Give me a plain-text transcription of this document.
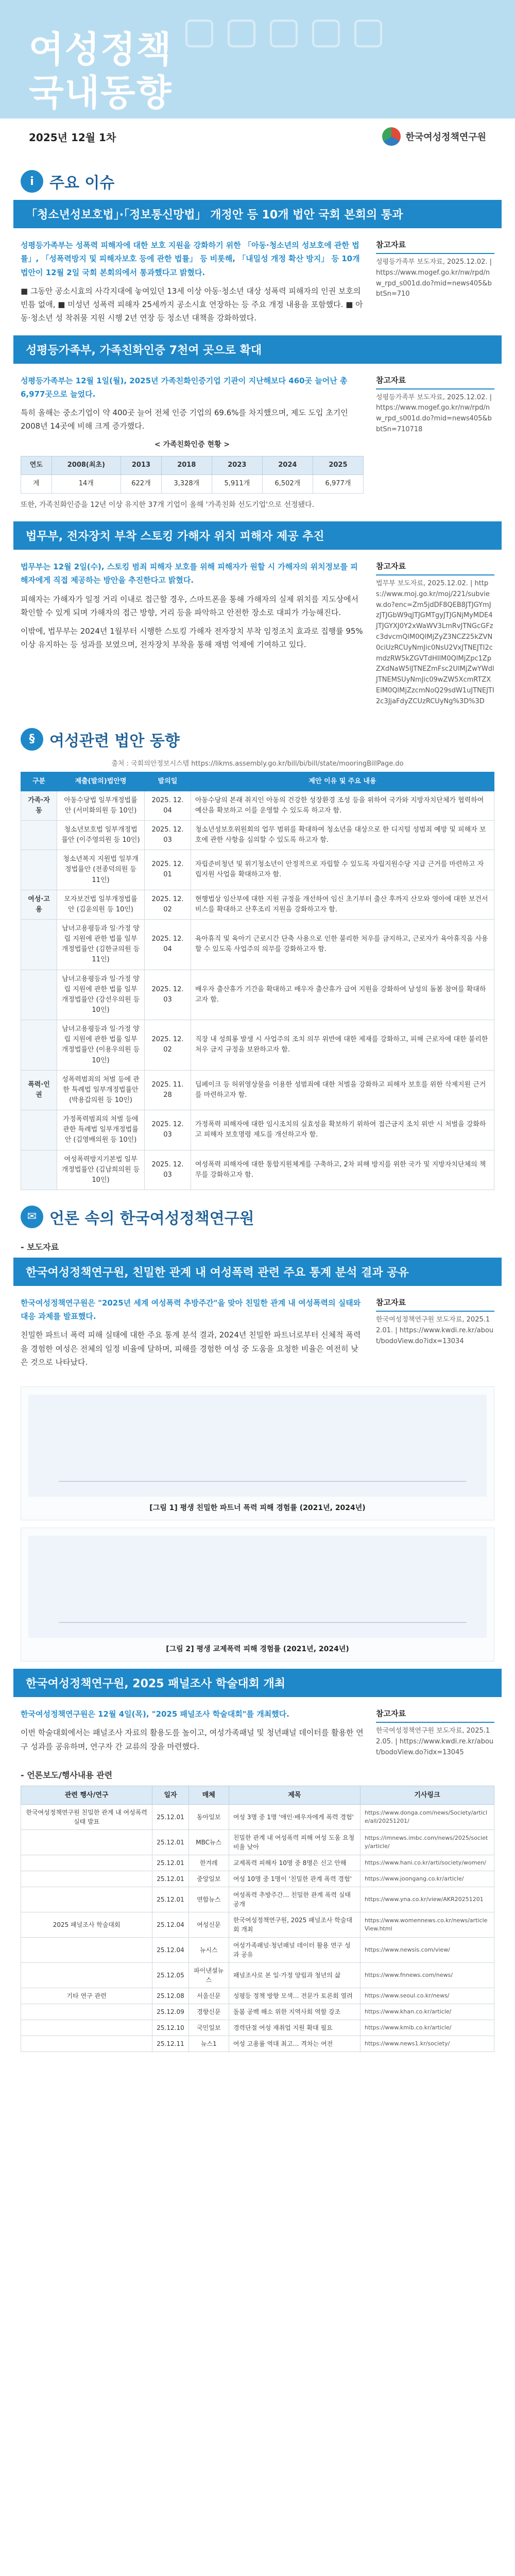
여성정책
국내동향
2025년 12월 1차	한국여성정책연구원
i	주요 이슈
「청소년성보호법」·「정보통신망법」 개정안 등 10개 법안 국회 본회의 통과

성평등가족부는 성폭력 피해자에 대한 보호 지원을 강화하기 위한 「아동·청소년의 성보호에 관한 법률」, 「성폭력방지 및 피해자보호 등에 관한 법률」 등 비롯해, 「내밀성 개정 확산 방지」 등 10개 법안이 12월 2일 국회 본회의에서 통과했다고 밝혔다.

■ 그동안 공소시효의 사각지대에 놓여있던 13세 이상 아동·청소년 대상 성폭력 피해자의 인권 보호의 빈틈 없애, ■ 미성년 성폭력 피해자 25세까지 공소시효 연장하는 등 주요 개정 내용을 포함했다. ■ 아동·청소년 성 착취물 지원 시행 2년 연장 등 청소년 대책을 강화하였다.

참고자료
성평등가족부 보도자료, 2025.12.02. | https://www.mogef.go.kr/nw/rpd/nw_rpd_s001d.do?mid=news405&bbtSn=710
성평등가족부, 가족친화인증 7천여 곳으로 확대

성평등가족부는 12월 1일(월), 2025년 가족친화인증기업 기관이 지난해보다 460곳 늘어난 총 6,977곳으로 늘었다.

특히 올해는 중소기업이 약 400곳 늘어 전체 인증 기업의 69.6%를 차지했으며, 제도 도입 초기인 2008년 14곳에 비해 크게 증가했다.

< 가족친화인증 현황 >
연도	2008(최초)	2013	2018	2023	2024	2025
계	14개	622개	3,328개	5,911개	6,502개	6,977개

또한, 가족친화인증을 12년 이상 유지한 37개 기업이 올해 '가족친화 선도기업'으로 선정됐다.

참고자료
성평등가족부 보도자료, 2025.12.02. | https://www.mogef.go.kr/nw/rpd/nw_rpd_s001d.do?mid=news405&bbtSn=710718
법무부, 전자장치 부착 스토킹 가해자 위치 피해자 제공 추진

법무부는 12월 2일(수), 스토킹 범죄 피해자 보호를 위해 피해자가 원할 시 가해자의 위치정보를 피해자에게 직접 제공하는 방안을 추진한다고 밝혔다.

피해자는 가해자가 일정 거리 이내로 접근할 경우, 스마트폰을 통해 가해자의 실제 위치를 지도상에서 확인할 수 있게 되며 가해자의 접근 방향, 거리 등을 파악하고 안전한 장소로 대피가 가능해진다.

이밖에, 법무부는 2024년 1월부터 시행한 스토킹 가해자 전자장치 부착 임정조치 효과로 집행률 95% 이상 유지하는 등 성과를 보였으며, 전자장치 부착을 통해 재범 억제에 기여하고 있다.

참고자료
법무부 보도자료, 2025.12.02. | https://www.moj.go.kr/moj/221/subview.do?enc=Zm5jdDF8QEB8JTJGYmJzJTJGbW9qJTJGMTgyJTJGNjMyMDE4JTJGYXJ0Y2xWaWV3LmRvJTNGcGFzc3dvcmQlM0QlMjZyZ3NCZ25kZVN0ciUzRCUyNmJic0NsU2VxJTNEJTI2cmdzRW5kZGVTdHIlM0QlMjZpc1ZpZXdNaW5lJTNEZmFsc2UlMjZwYWdlJTNEMSUyNmJic09wZW5XcmRTZXElM0QlMjZzcmNoQ29sdW1uJTNEJTI2c3JjaFdyZCUzRCUyNg%3D%3D
§ 여성관련 법안 동향
출처 : 국회의안정보시스템 https://likms.assembly.go.kr/bill/bi/bill/state/mooringBillPage.do
구분	제출(발의)법안명	발의일	제안 이유 및 주요 내용
가족·자동	아동수당법 일부개정법률안 (서미화의원 등 10인)	2025. 12. 04	아동수당의 본래 취지인 아동의 건강한 성장환경 조성 등을 위하여 국가와 지방자치단체가 협력하여 예산을 확보하고 이를 운영할 수 있도록 하고자 함.
	청소년보호법 일부개정법률안 (이주영의원 등 10인)	2025. 12. 03	청소년성보호위원회의 업무 범위를 확대하여 청소년을 대상으로 한 디지털 성범죄 예방 및 피해자 보호에 관한 사항을 심의할 수 있도록 하고자 함.
	청소년복지 지원법 일부개정법률안 (전종덕의원 등 11인)	2025. 12. 01	자립준비청년 및 위기청소년이 안정적으로 자립할 수 있도록 자립지원수당 지급 근거를 마련하고 자립지원 사업을 확대하고자 함.
여성·고용	모자보건법 일부개정법률안 (김윤의원 등 10인)	2025. 12. 02	현행법상 임산부에 대한 지원 규정을 개선하여 임신 초기부터 출산 후까지 산모와 영아에 대한 보건서비스를 확대하고 산후조리 지원을 강화하고자 함.
	남녀고용평등과 일·가정 양립 지원에 관한 법률 일부개정법률안 (김한규의원 등 11인)	2025. 12. 04	육아휴직 및 육아기 근로시간 단축 사용으로 인한 불리한 처우를 금지하고, 근로자가 육아휴직을 사용할 수 있도록 사업주의 의무를 강화하고자 함.
	남녀고용평등과 일·가정 양립 지원에 관한 법률 일부개정법률안 (강선우의원 등 10인)	2025. 12. 03	배우자 출산휴가 기간을 확대하고 배우자 출산휴가 급여 지원을 강화하여 남성의 돌봄 참여를 확대하고자 함.
	남녀고용평등과 일·가정 양립 지원에 관한 법률 일부개정법률안 (이용우의원 등 10인)	2025. 12. 02	직장 내 성희롱 발생 시 사업주의 조치 의무 위반에 대한 제재를 강화하고, 피해 근로자에 대한 불리한 처우 금지 규정을 보완하고자 함.
폭력·인권	성폭력범죄의 처벌 등에 관한 특례법 일부개정법률안 (박용갑의원 등 10인)	2025. 11. 28	딥페이크 등 허위영상물을 이용한 성범죄에 대한 처벌을 강화하고 피해자 보호를 위한 삭제지원 근거를 마련하고자 함.
	가정폭력범죄의 처벌 등에 관한 특례법 일부개정법률안 (김영배의원 등 10인)	2025. 12. 03	가정폭력 피해자에 대한 임시조치의 실효성을 확보하기 위하여 접근금지 조치 위반 시 처벌을 강화하고 피해자 보호명령 제도를 개선하고자 함.
	여성폭력방지기본법 일부개정법률안 (김남희의원 등 10인)	2025. 12. 03	여성폭력 피해자에 대한 통합지원체계를 구축하고, 2차 피해 방지를 위한 국가 및 지방자치단체의 책무를 강화하고자 함.
✉ 언론 속의 한국여성정책연구원
- 보도자료
한국여성정책연구원, 친밀한 관계 내 여성폭력 관련 주요 통계 분석 결과 공유

한국여성정책연구원은 "2025년 세계 여성폭력 추방주간"을 맞아 친밀한 관계 내 여성폭력의 실태와 대응 과제를 발표했다.

친밀한 파트너 폭력 피해 실태에 대한 주요 통계 분석 결과, 2024년 친밀한 파트너로부터 신체적 폭력을 경험한 여성은 전체의 일정 비율에 달하며, 피해를 경험한 여성 중 도움을 요청한 비율은 여전히 낮은 것으로 나타났다.

참고자료
한국여성정책연구원 보도자료, 2025.12.01. | https://www.kwdi.re.kr/about/bodoView.do?idx=13034
[그림 1] 평생 친밀한 파트너 폭력 피해 경험률 (2021년, 2024년)
[그림 2] 평생 교제폭력 피해 경험률 (2021년, 2024년)
한국여성정책연구원, 2025 패널조사 학술대회 개최

한국여성정책연구원은 12월 4일(목), "2025 패널조사 학술대회"를 개최했다.

이번 학술대회에서는 패널조사 자료의 활용도를 높이고, 여성가족패널 및 청년패널 데이터를 활용한 연구 성과를 공유하며, 연구자 간 교류의 장을 마련했다.

참고자료
한국여성정책연구원 보도자료, 2025.12.05. | https://www.kwdi.re.kr/about/bodoView.do?idx=13045
- 언론보도/행사내용 관련
관련 행사/연구	일자	매체	제목	기사링크
한국여성정책연구원 친밀한 관계 내 여성폭력 실태 발표	25.12.01	동아일보	여성 3명 중 1명 '애인·배우자에게 폭력 경험'	https://www.donga.com/news/Society/article/all/20251201/
	25.12.01	MBC뉴스	친밀한 관계 내 여성폭력 피해 여성 도움 요청 비율 낮아	https://imnews.imbc.com/news/2025/society/article/
	25.12.01	한겨레	교제폭력 피해자 10명 중 8명은 신고 안해	https://www.hani.co.kr/arti/society/women/
	25.12.01	중앙일보	여성 10명 중 1명이 '친밀한 관계 폭력 경험'	https://www.joongang.co.kr/article/
	25.12.01	연합뉴스	여성폭력 추방주간… 친밀한 관계 폭력 실태 공개	https://www.yna.co.kr/view/AKR20251201
2025 패널조사 학술대회	25.12.04	여성신문	한국여성정책연구원, 2025 패널조사 학술대회 개최	https://www.womennews.co.kr/news/articleView.html
	25.12.04	뉴시스	여성가족패널·청년패널 데이터 활용 연구 성과 공유	https://www.newsis.com/view/
	25.12.05	파이낸셜뉴스	패널조사로 본 일·가정 양립과 청년의 삶	https://www.fnnews.com/news/
기타 연구 관련	25.12.08	서울신문	성평등 정책 방향 모색… 전문가 토론회 열려	https://www.seoul.co.kr/news/
	25.12.09	경향신문	돌봄 공백 해소 위한 지역사회 역할 강조	https://www.khan.co.kr/article/
	25.12.10	국민일보	경력단절 여성 재취업 지원 확대 필요	https://www.kmib.co.kr/article/
	25.12.11	뉴스1	여성 고용률 역대 최고… 격차는 여전	https://www.news1.kr/society/
